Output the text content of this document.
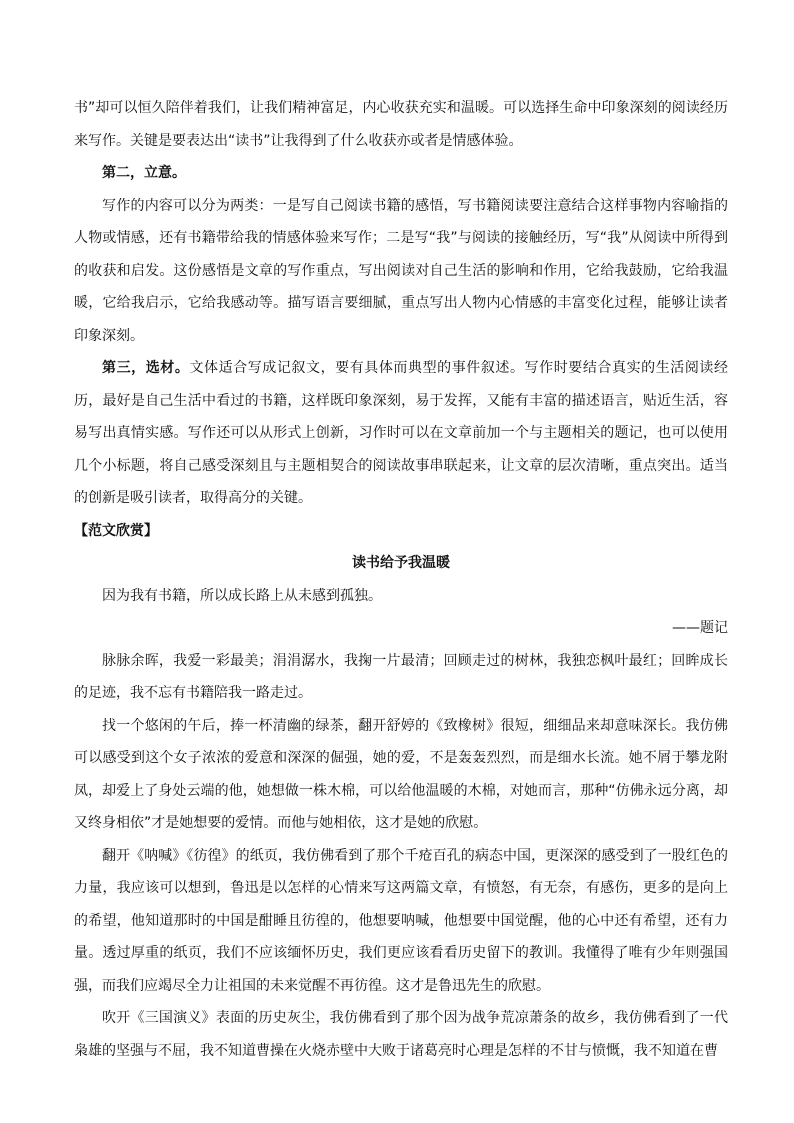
书”却可以恒久陪伴着我们，让我们精神富足，内心收获充实和温暖。可以选择生命中印象深刻的阅读经历来写作。关键是要表达出“读书”让我得到了什么收获亦或者是情感体验。

第二，立意。

写作的内容可以分为两类：一是写自己阅读书籍的感悟，写书籍阅读要注意结合这样事物内容喻指的人物或情感，还有书籍带给我的情感体验来写作；二是写“我”与阅读的接触经历，写“我”从阅读中所得到的收获和启发。这份感悟是文章的写作重点，写出阅读对自己生活的影响和作用，它给我鼓励，它给我温暖，它给我启示，它给我感动等。描写语言要细腻，重点写出人物内心情感的丰富变化过程，能够让读者印象深刻。

第三，选材。文体适合写成记叙文，要有具体而典型的事件叙述。写作时要结合真实的生活阅读经历，最好是自己生活中看过的书籍，这样既印象深刻，易于发挥，又能有丰富的描述语言，贴近生活，容易写出真情实感。写作还可以从形式上创新，习作时可以在文章前加一个与主题相关的题记，也可以使用几个小标题，将自己感受深刻且与主题相契合的阅读故事串联起来，让文章的层次清晰，重点突出。适当的创新是吸引读者，取得高分的关键。

【范文欣赏】

读书给予我温暖

因为我有书籍，所以成长路上从未感到孤独。

——题记

脉脉余晖，我爱一彩最美；涓涓潺水，我掬一片最清；回顾走过的树林，我独恋枫叶最红；回眸成长的足迹，我不忘有书籍陪我一路走过。

找一个悠闲的午后，捧一杯清幽的绿茶，翻开舒婷的《致橡树》很短，细细品来却意味深长。我仿佛可以感受到这个女子浓浓的爱意和深深的倔强，她的爱，不是轰轰烈烈，而是细水长流。她不屑于攀龙附凤，却爱上了身处云端的他，她想做一株木棉，可以给他温暖的木棉，对她而言，那种“仿佛永远分离，却又终身相依”才是她想要的爱情。而他与她相依，这才是她的欣慰。

翻开《呐喊》《彷徨》的纸页，我仿佛看到了那个千疮百孔的病态中国，更深深的感受到了一股红色的力量，我应该可以想到，鲁迅是以怎样的心情来写这两篇文章，有愤怒，有无奈，有感伤，更多的是向上的希望，他知道那时的中国是酣睡且彷徨的，他想要呐喊，他想要中国觉醒，他的心中还有希望，还有力量。透过厚重的纸页，我们不应该缅怀历史，我们更应该看看历史留下的教训。我懂得了唯有少年则强国强，而我们应竭尽全力让祖国的未来觉醒不再彷徨。这才是鲁迅先生的欣慰。

吹开《三国演义》表面的历史灰尘，我仿佛看到了那个因为战争荒凉萧条的故乡，我仿佛看到了一代枭雄的坚强与不屈，我不知道曹操在火烧赤壁中大败于诸葛亮时心理是怎样的不甘与愤慨，我不知道在曹
